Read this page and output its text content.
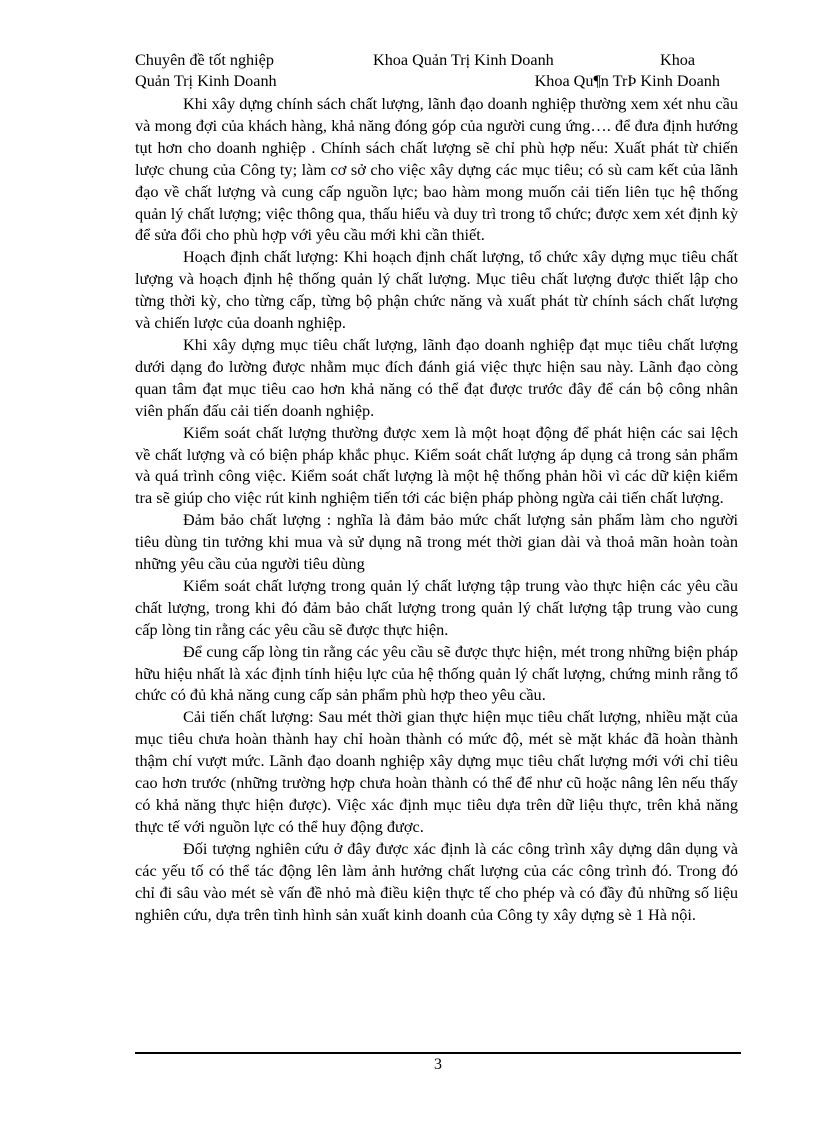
Chuyên đề tốt nghiệp	Khoa Quản Trị Kinh Doanh	Khoa
Quản Trị Kinh Doanh	Khoa Qu¶n TrÞ Kinh Doanh

Khi xây dựng chính sách chất lượng, lãnh đạo doanh nghiệp thường xem xét nhu cầu và mong đợi của khách hàng, khả năng đóng góp của người cung ứng…. để đưa định hướng tụt hơn cho doanh nghiệp . Chính sách chất lượng sẽ chỉ phù hợp nếu: Xuất phát từ chiến lược chung của Công ty; làm cơ sở cho việc xây dựng các mục tiêu; có sù cam kết của lãnh đạo về chất lượng và cung cấp nguồn lực; bao hàm mong muốn cải tiến liên tục hệ thống quản lý chất lượng; việc thông qua, thấu hiểu và duy trì trong tổ chức; được xem xét định kỳ để sửa đổi cho phù hợp với yêu cầu mới khi cần thiết.

Hoạch định chất lượng: Khi hoạch định chất lượng, tổ chức xây dựng mục tiêu chất lượng và hoạch định hệ thống quản lý chất lượng. Mục tiêu chất lượng được thiết lập cho từng thời kỳ, cho từng cấp, từng bộ phận chức năng và xuất phát từ chính sách chất lượng và chiến lược của doanh nghiệp.

Khi xây dựng mục tiêu chất lượng, lãnh đạo doanh nghiệp đạt mục tiêu chất lượng dưới dạng đo lường được nhằm mục đích đánh giá việc thực hiện sau này. Lãnh đạo còng quan tâm đạt mục tiêu cao hơn khả năng có thể đạt được trước đây để cán bộ công nhân viên phấn đấu cải tiến doanh nghiệp.

Kiểm soát chất lượng thường được xem là một hoạt động để phát hiện các sai lệch về chất lượng và có biện pháp khắc phục. Kiểm soát chất lượng áp dụng cả trong sản phẩm và quá trình công việc. Kiểm soát chất lượng là một hệ thống phản hồi vì các dữ kiện kiểm tra sẽ giúp cho việc rút kinh nghiệm tiến tới các biện pháp phòng ngừa cải tiến chất lượng.

Đảm bảo chất lượng : nghĩa là đảm bảo mức chất lượng sản phẩm làm cho người tiêu dùng tin tưởng khi mua và sử dụng nã trong mét thời gian dài và thoả mãn hoàn toàn những yêu cầu của người tiêu dùng

Kiểm soát chất lượng trong quản lý chất lượng tập trung vào thực hiện các yêu cầu chất lượng, trong khi đó đảm bảo chất lượng trong quản lý chất lượng tập trung vào cung cấp lòng tin rằng các yêu cầu sẽ được thực hiện.

Để cung cấp lòng tin rằng các yêu cầu sẽ được thực hiện, mét trong những biện pháp hữu hiệu nhất là xác định tính hiệu lực của hệ thống quản lý chất lượng, chứng minh rằng tổ chức có đủ khả năng cung cấp sản phẩm phù hợp theo yêu cầu.

Cải tiến chất lượng: Sau mét thời gian thực hiện mục tiêu chất lượng, nhiều mặt của mục tiêu chưa hoàn thành hay chỉ hoàn thành có mức độ, mét sè mặt khác đã hoàn thành thậm chí vượt mức. Lãnh đạo doanh nghiệp xây dựng mục tiêu chất lượng mới với chỉ tiêu cao hơn trước (những trường hợp chưa hoàn thành có thể để như cũ hoặc nâng lên nếu thấy có khả năng thực hiện được). Việc xác định mục tiêu dựa trên dữ liệu thực, trên khả năng thực tế với nguồn lực có thể huy động được.

Đối tượng nghiên cứu ở đây được xác định là các công trình xây dựng dân dụng và các yếu tố có thể tác động lên làm ảnh hưởng chất lượng của các công trình đó. Trong đó chỉ đi sâu vào mét sè vấn đề nhỏ mà điều kiện thực tế cho phép và có đầy đủ những số liệu nghiên cứu, dựa trên tình hình sản xuất kinh doanh của Công ty xây dựng sè 1 Hà nội.

3
